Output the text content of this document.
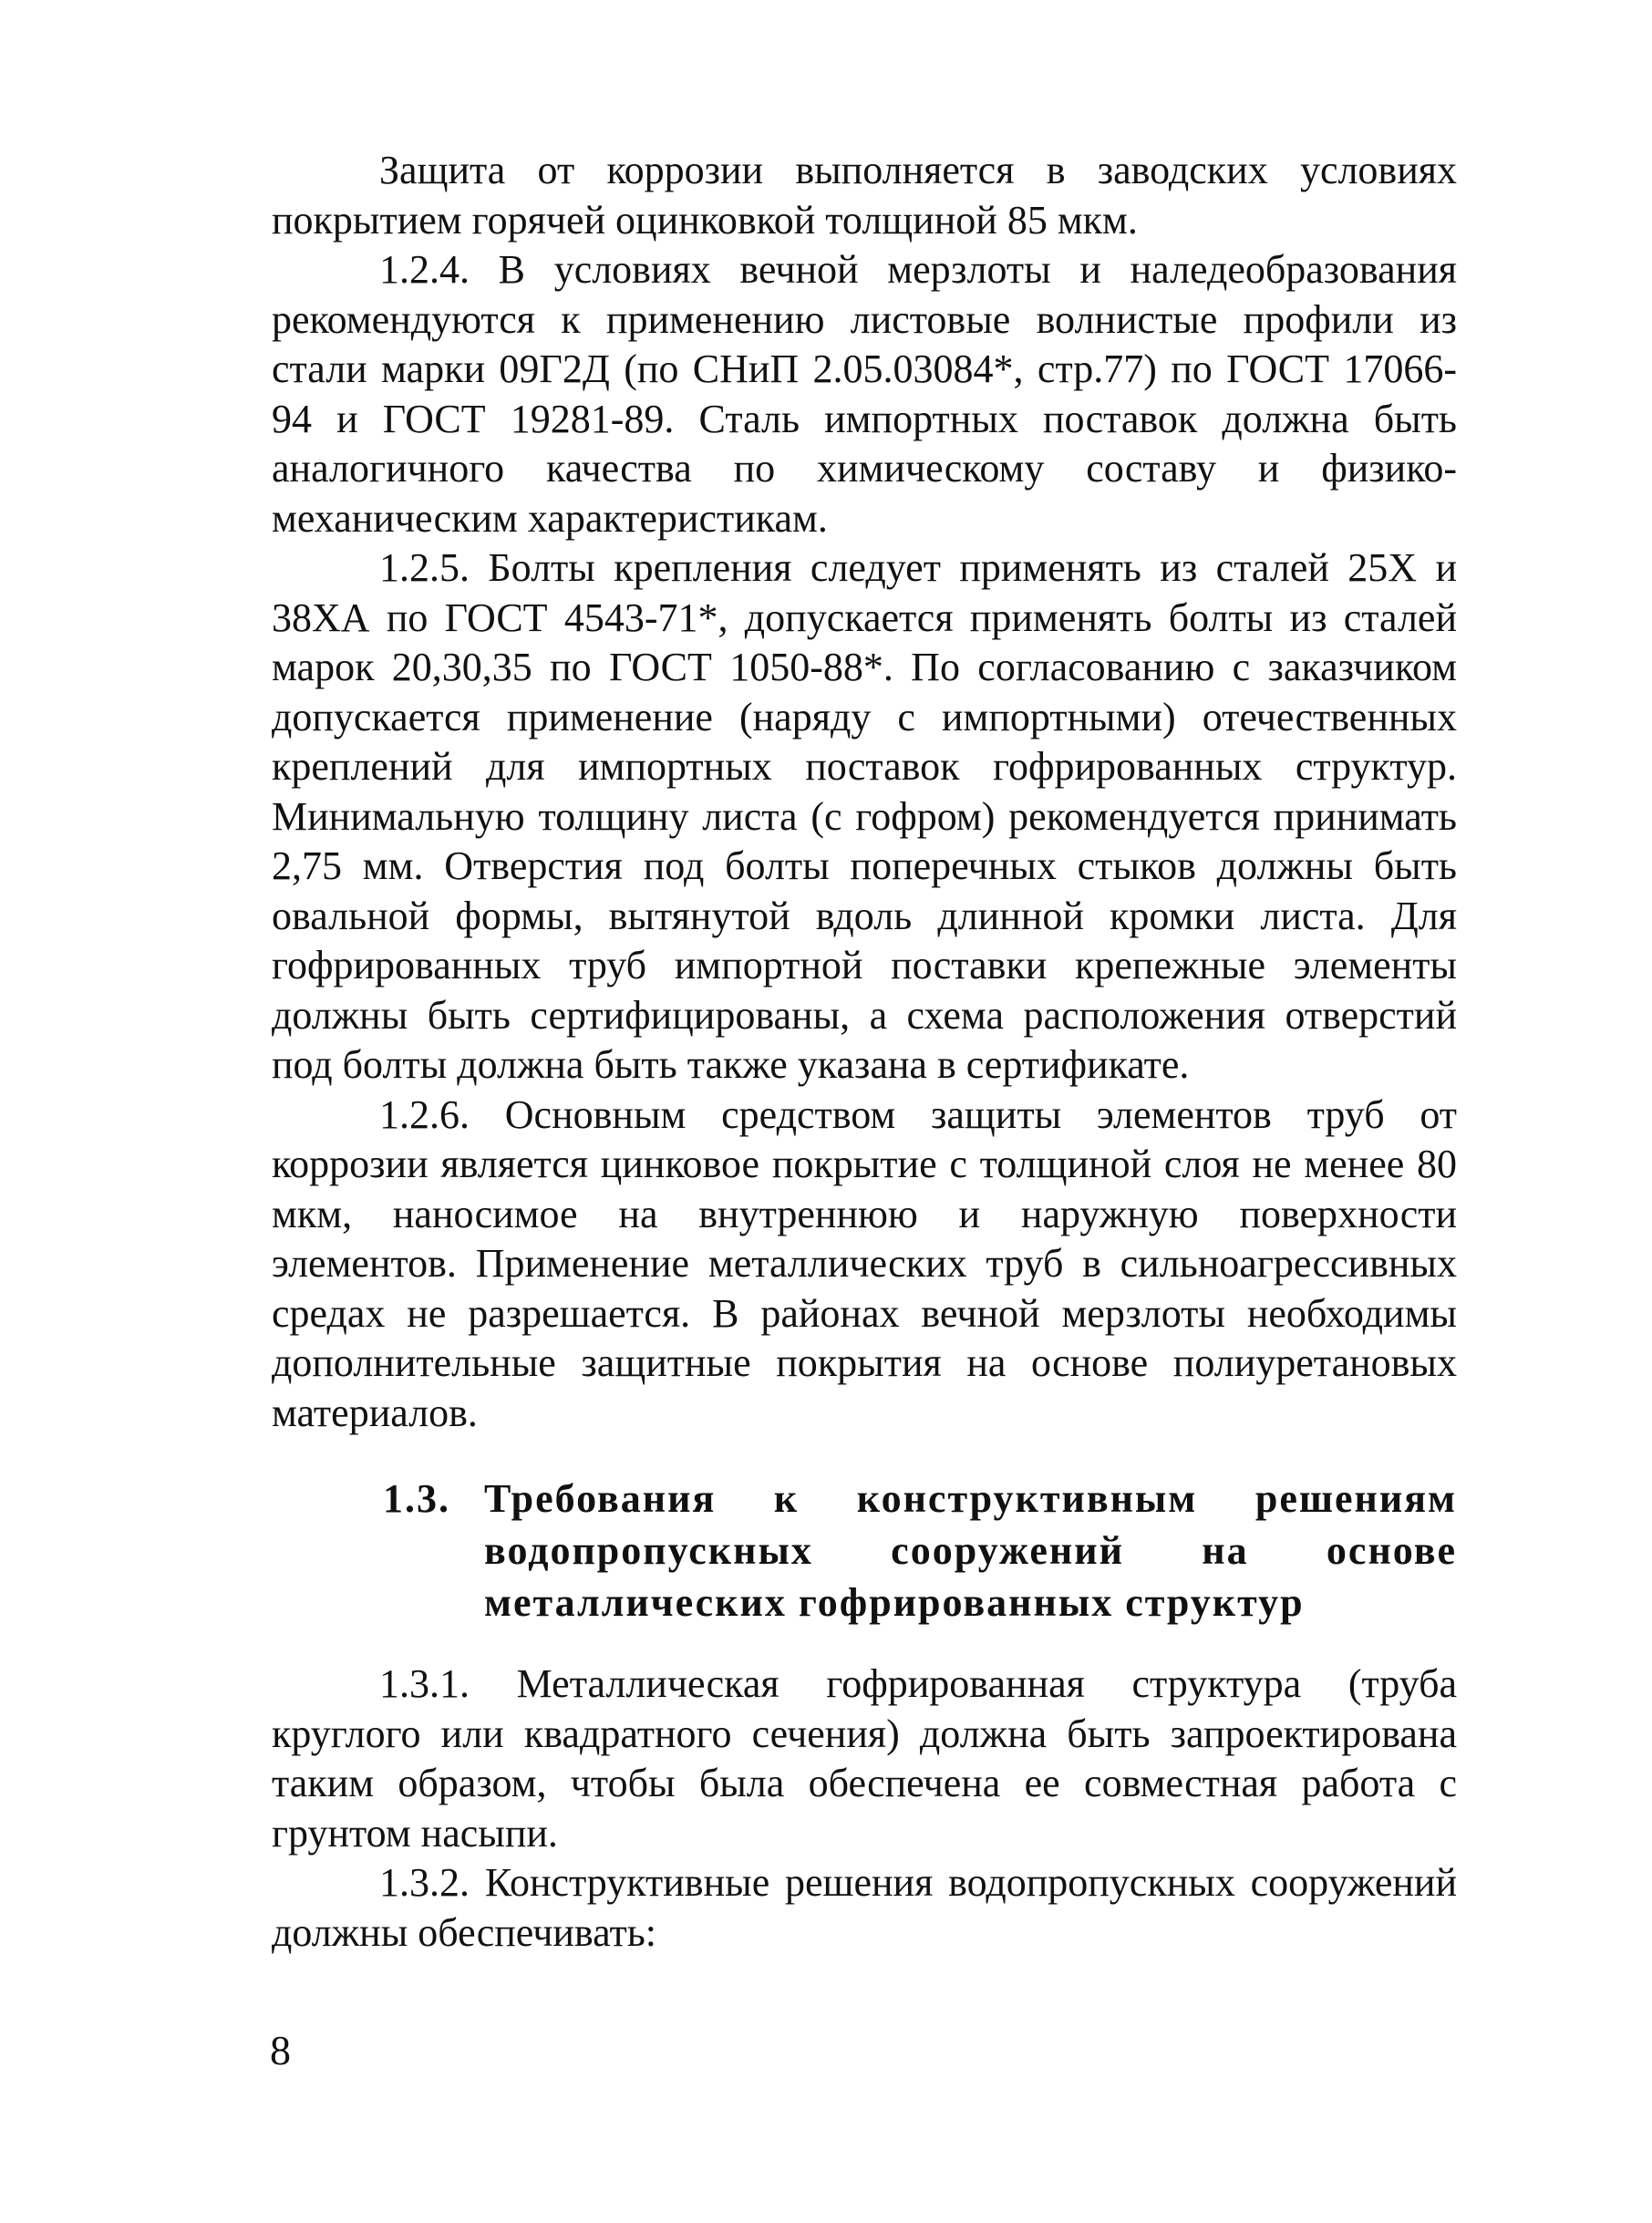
Защита от коррозии выполняется в заводских условиях покрытием горячей оцинковкой толщиной 85 мкм.

1.2.4. В условиях вечной мерзлоты и наледеобразования рекомендуются к применению листовые волнистые профили из стали марки 09Г2Д (по СНиП 2.05.03084*, стр.77) по ГОСТ 17066-94 и ГОСТ 19281-89. Сталь импортных поставок должна быть аналогичного качества по химическому составу и физико-механическим характеристикам.

1.2.5. Болты крепления следует применять из сталей 25Х и 38ХА по ГОСТ 4543-71*, допускается применять болты из сталей марок 20,30,35 по ГОСТ 1050-88*. По согласованию с заказчиком допускается применение (наряду с импортными) отечественных креплений для импортных поставок гофрированных структур. Минимальную толщину листа (с гофром) рекомендуется принимать 2,75 мм. Отверстия под болты поперечных стыков должны быть овальной формы, вытянутой вдоль длинной кромки листа. Для гофрированных труб импортной поставки крепежные элементы должны быть сертифицированы, а схема расположения отверстий под болты должна быть также указана в сертификате.

1.2.6. Основным средством защиты элементов труб от коррозии является цинковое покрытие с толщиной слоя не менее 80 мкм, наносимое на внутреннюю и наружную поверхности элементов. Применение металлических труб в сильноагрессивных средах не разрешается. В районах вечной мерзлоты необходимы дополнительные защитные покрытия на основе полиуретановых материалов.

1.3. Требования к конструктивным решениям водопропускных сооружений на основе металлических гофрированных структур

1.3.1. Металлическая гофрированная структура (труба круглого или квадратного сечения) должна быть запроектирована таким образом, чтобы была обеспечена ее совместная работа с грунтом насыпи.

1.3.2. Конструктивные решения водопропускных сооружений должны обеспечивать:

8
